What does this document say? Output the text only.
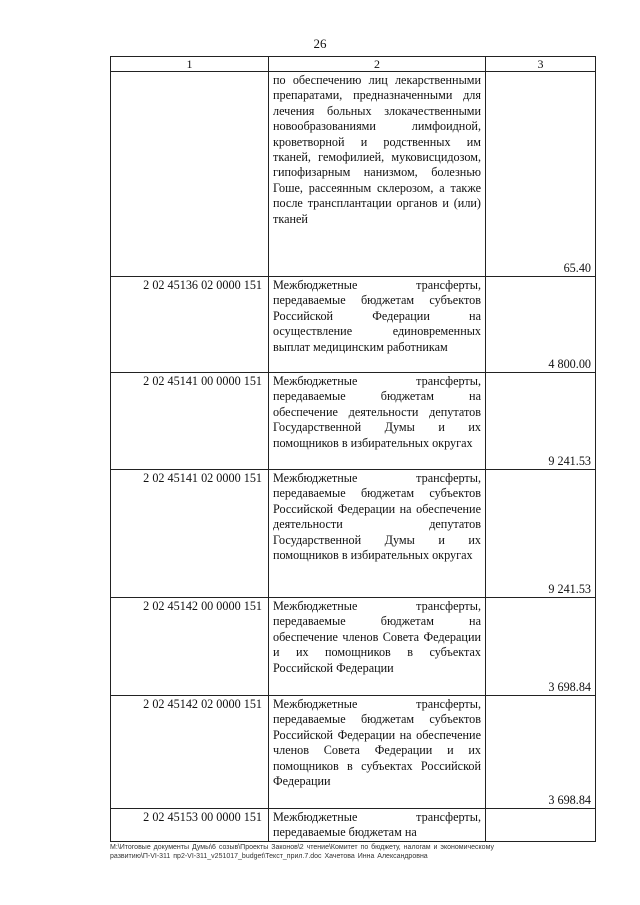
26
1	2	3
	по обеспечению лиц лекарственными препаратами, предназначенными для лечения больных злокачественными новообразованиями лимфоидной, кроветворной и родственных им тканей, гемофилией, муковисцидозом, гипофизарным нанизмом, болезнью Гоше, рассеянным склерозом, а также после трансплантации органов и (или) тканей	65.40

2 02 45136 02 0000 151	Межбюджетные трансферты, передаваемые бюджетам субъектов Российской Федерации на осуществление единовременных выплат медицинским работникам	4 800.00

2 02 45141 00 0000 151	Межбюджетные трансферты, передаваемые бюджетам на обеспечение деятельности депутатов Государственной Думы и их помощников в избирательных округах	9 241.53

2 02 45141 02 0000 151	Межбюджетные трансферты, передаваемые бюджетам субъектов Российской Федерации на обеспечение деятельности депутатов Государственной Думы и их помощников в избирательных округах	9 241.53

2 02 45142 00 0000 151	Межбюджетные трансферты, передаваемые бюджетам на обеспечение членов Совета Федерации и их помощников в субъектах Российской Федерации	3 698.84

2 02 45142 02 0000 151	Межбюджетные трансферты, передаваемые бюджетам субъектов Российской Федерации на обеспечение членов Совета Федерации и их помощников в субъектах Российской Федерации	3 698.84

2 02 45153 00 0000 151	Межбюджетные трансферты, передаваемые бюджетам на	
М:\Итоговые документы Думы\6 созыв\Проекты Законов\2 чтение\Комитет по бюджету, налогам и экономическому развитию\П-VI-311 пр2-VI-311_v251017_budget\Текст_прил.7.doc Хачетова Инна Александровна
